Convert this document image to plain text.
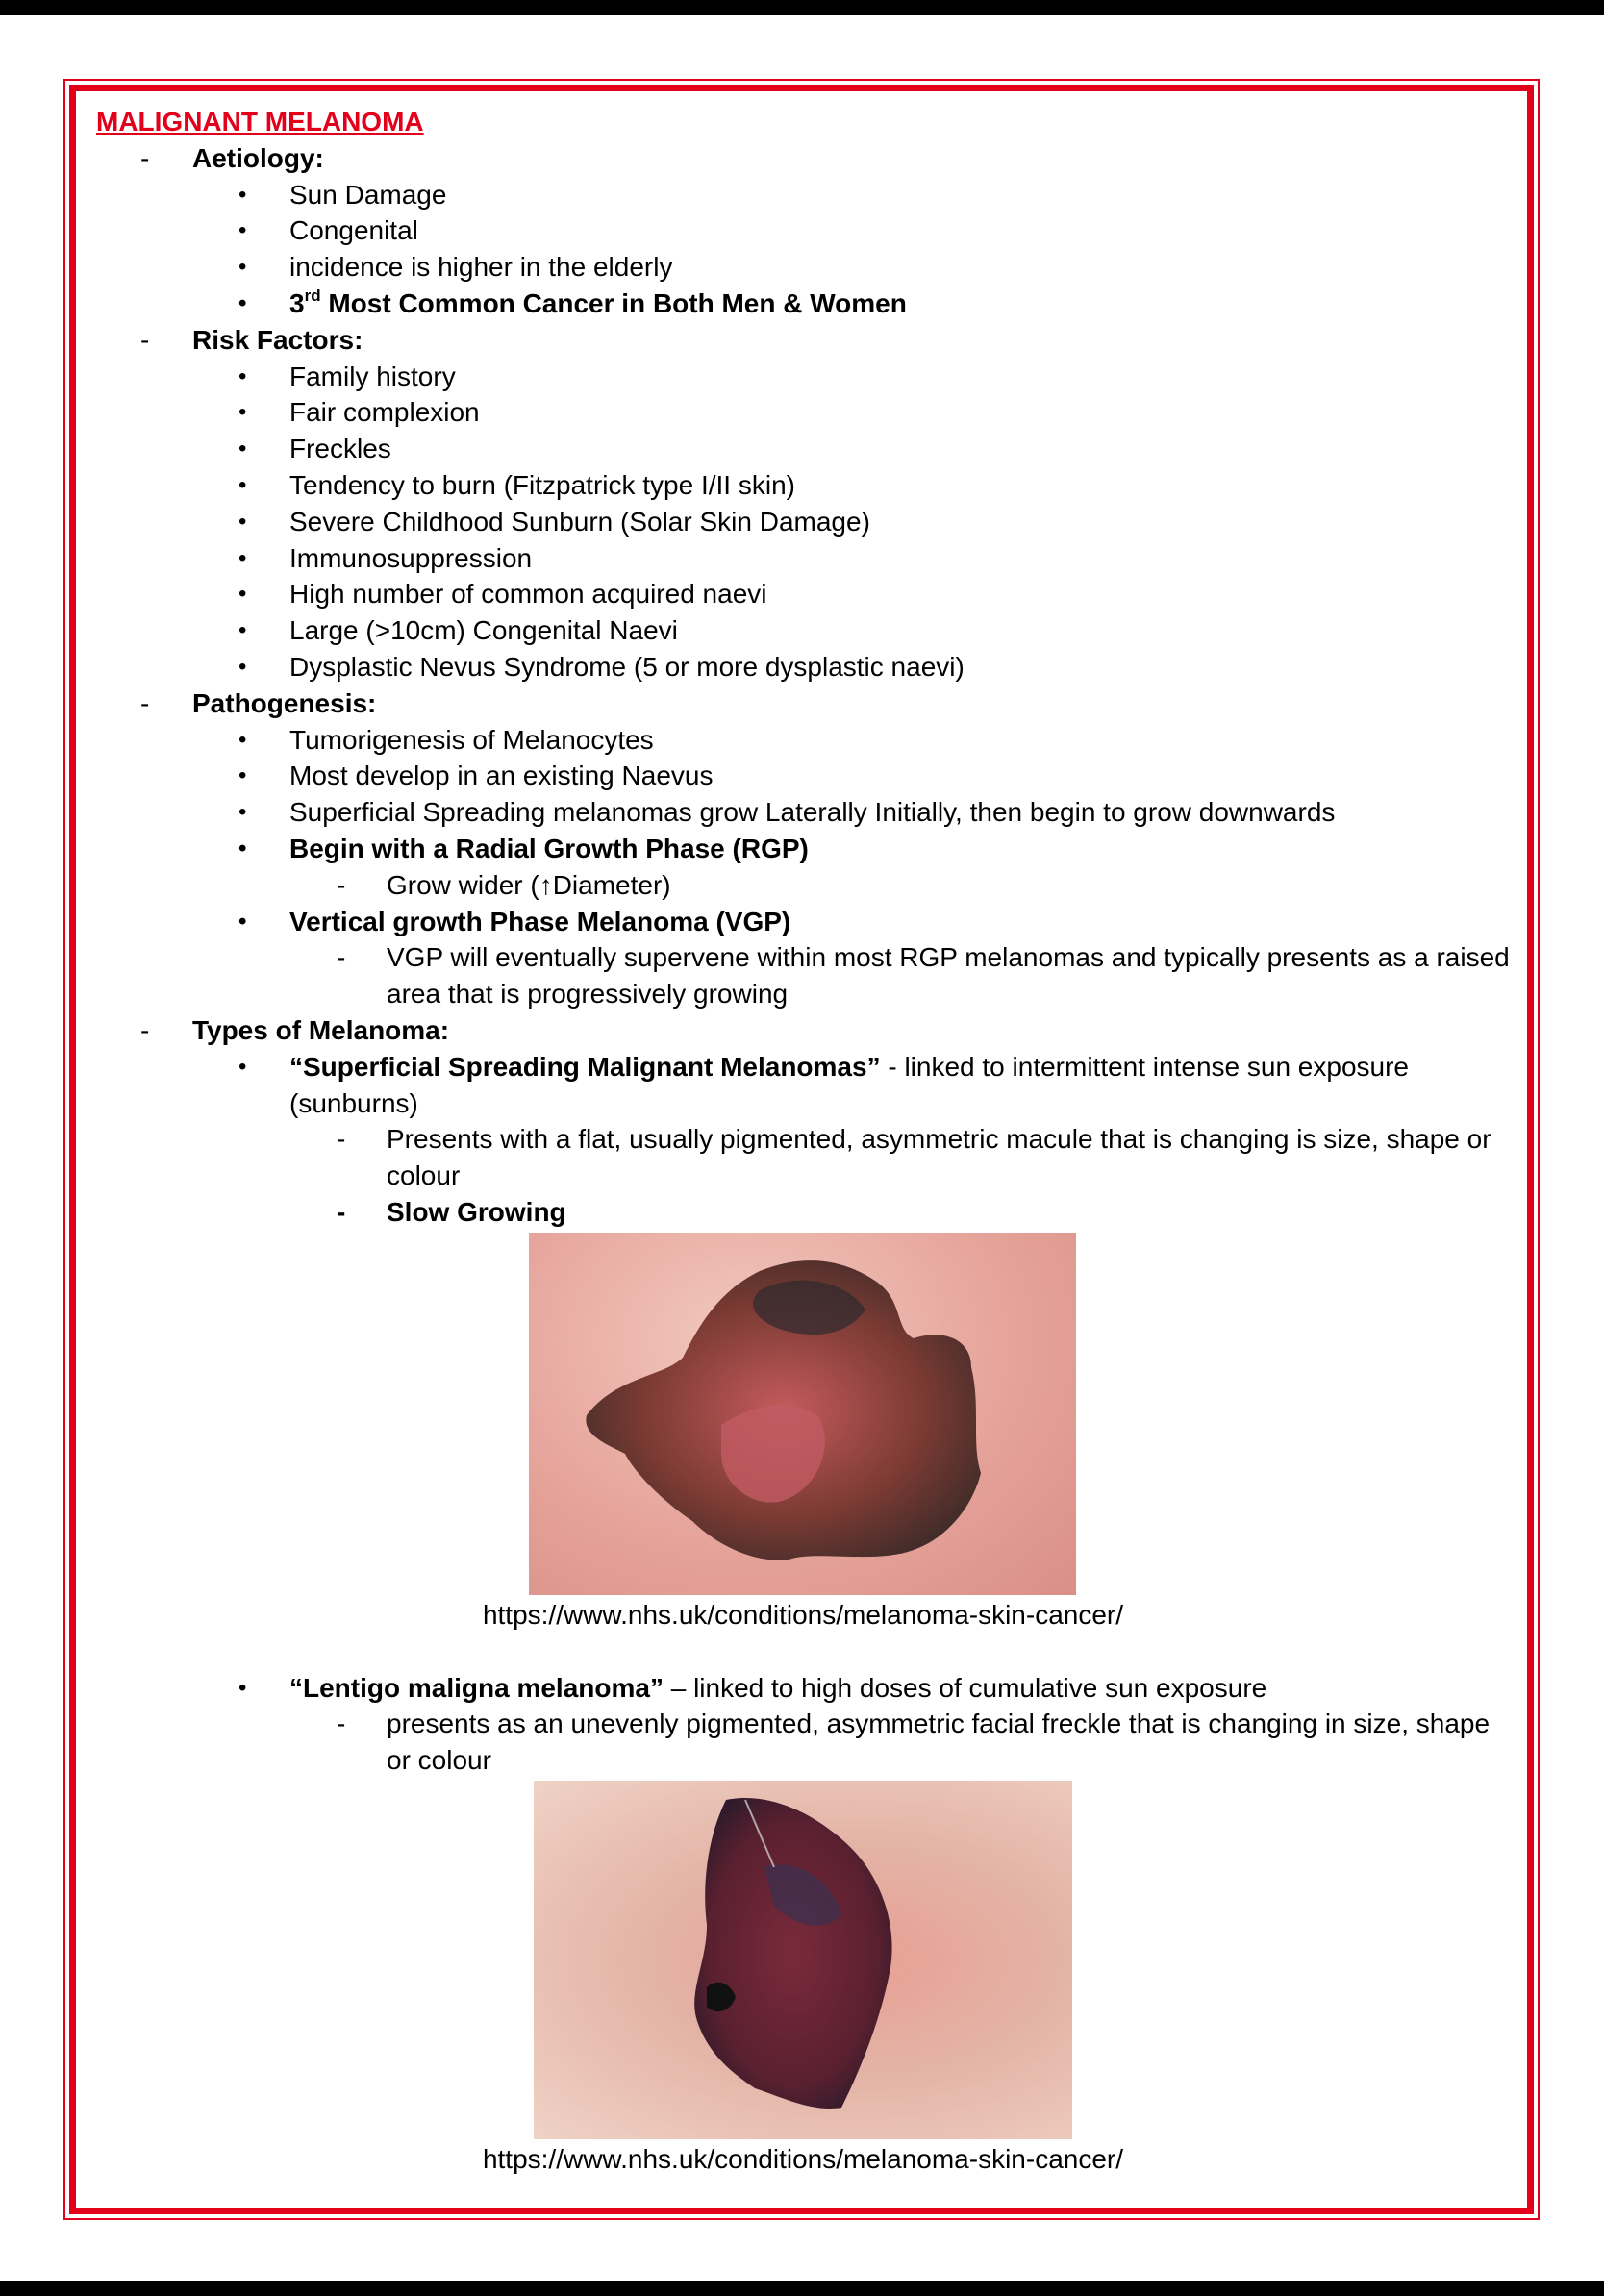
MALIGNANT MELANOMA

- Aetiology:
• Sun Damage
• Congenital
• incidence is higher in the elderly
• 3rd Most Common Cancer in Both Men & Women
- Risk Factors:
• Family history
• Fair complexion
• Freckles
• Tendency to burn (Fitzpatrick type I/II skin)
• Severe Childhood Sunburn (Solar Skin Damage)
• Immunosuppression
• High number of common acquired naevi
• Large (>10cm) Congenital Naevi
• Dysplastic Nevus Syndrome (5 or more dysplastic naevi)
- Pathogenesis:
• Tumorigenesis of Melanocytes
• Most develop in an existing Naevus
• Superficial Spreading melanomas grow Laterally Initially, then begin to grow downwards
• Begin with a Radial Growth Phase (RGP)
- Grow wider (↑Diameter)
• Vertical growth Phase Melanoma (VGP)
- VGP will eventually supervene within most RGP melanomas and typically presents as a raised area that is progressively growing
- Types of Melanoma:
• “Superficial Spreading Malignant Melanomas” - linked to intermittent intense sun exposure (sunburns)
- Presents with a flat, usually pigmented, asymmetric macule that is changing is size, shape or colour
- Slow Growing
https://www.nhs.uk/conditions/melanoma-skin-cancer/
• “Lentigo maligna melanoma” – linked to high doses of cumulative sun exposure
- presents as an unevenly pigmented, asymmetric facial freckle that is changing in size, shape or colour
https://www.nhs.uk/conditions/melanoma-skin-cancer/
